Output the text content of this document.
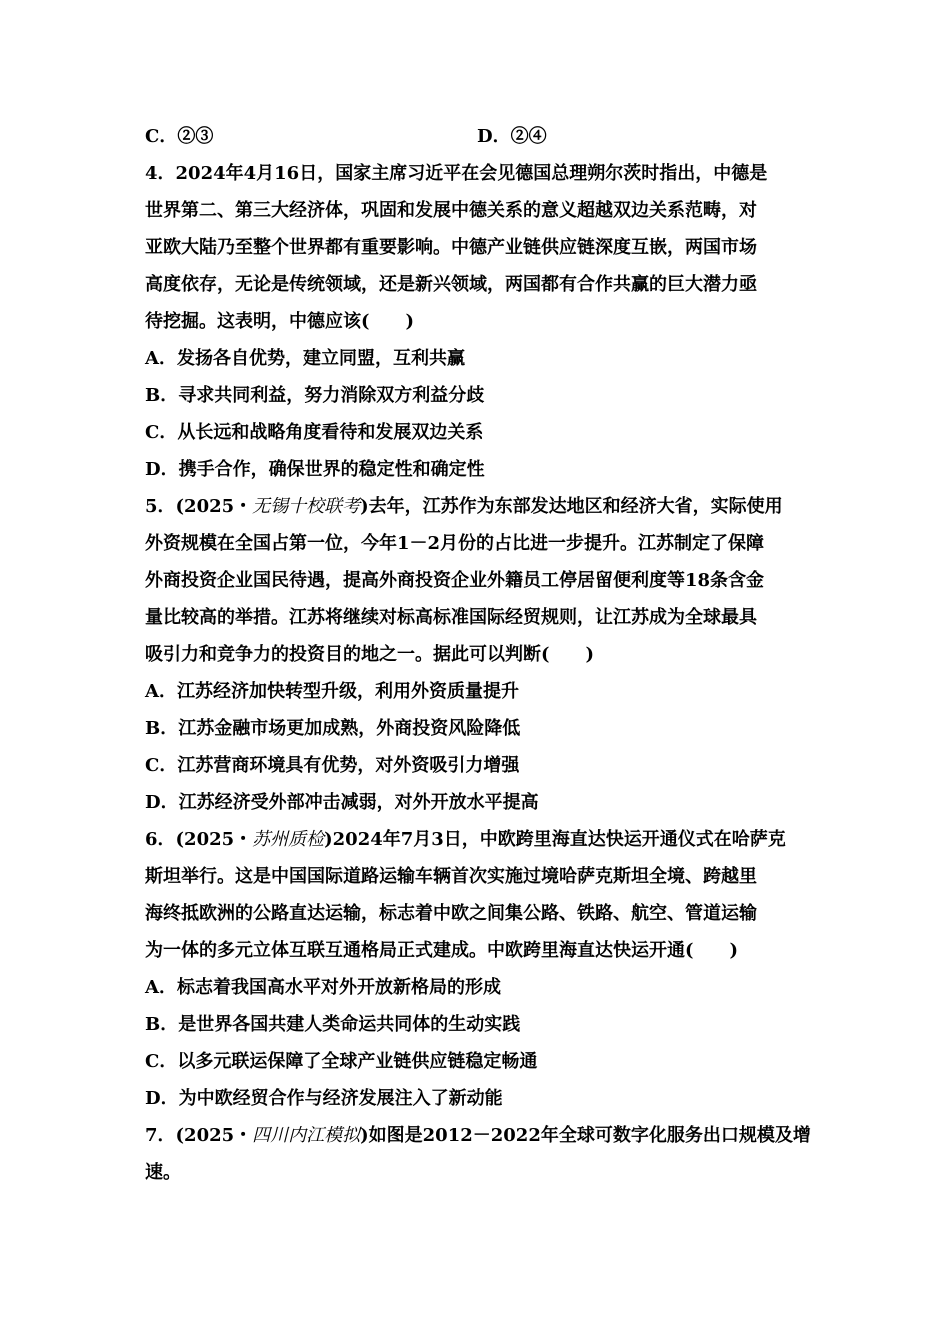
C．②③	D．②④
4．2024年4月16日，国家主席习近平在会见德国总理朔尔茨时指出，中德是
世界第二、第三大经济体，巩固和发展中德关系的意义超越双边关系范畴，对
亚欧大陆乃至整个世界都有重要影响。中德产业链供应链深度互嵌，两国市场
高度依存，无论是传统领域，还是新兴领域，两国都有合作共赢的巨大潜力亟
待挖掘。这表明，中德应该(　　)
A．发扬各自优势，建立同盟，互利共赢
B．寻求共同利益，努力消除双方利益分歧
C．从长远和战略角度看待和发展双边关系
D．携手合作，确保世界的稳定性和确定性
5．(2025・无锡十校联考)去年，江苏作为东部发达地区和经济大省，实际使用
外资规模在全国占第一位，今年1－2月份的占比进一步提升。江苏制定了保障
外商投资企业国民待遇，提高外商投资企业外籍员工停居留便利度等18条含金
量比较高的举措。江苏将继续对标高标准国际经贸规则，让江苏成为全球最具
吸引力和竞争力的投资目的地之一。据此可以判断(　　)
A．江苏经济加快转型升级，利用外资质量提升
B．江苏金融市场更加成熟，外商投资风险降低
C．江苏营商环境具有优势，对外资吸引力增强
D．江苏经济受外部冲击减弱，对外开放水平提高
6．(2025・苏州质检)2024年7月3日，中欧跨里海直达快运开通仪式在哈萨克
斯坦举行。这是中国国际道路运输车辆首次实施过境哈萨克斯坦全境、跨越里
海终抵欧洲的公路直达运输，标志着中欧之间集公路、铁路、航空、管道运输
为一体的多元立体互联互通格局正式建成。中欧跨里海直达快运开通(　　)
A．标志着我国高水平对外开放新格局的形成
B．是世界各国共建人类命运共同体的生动实践
C．以多元联运保障了全球产业链供应链稳定畅通
D．为中欧经贸合作与经济发展注入了新动能
7．(2025・四川内江模拟)如图是2012－2022年全球可数字化服务出口规模及增
速。
